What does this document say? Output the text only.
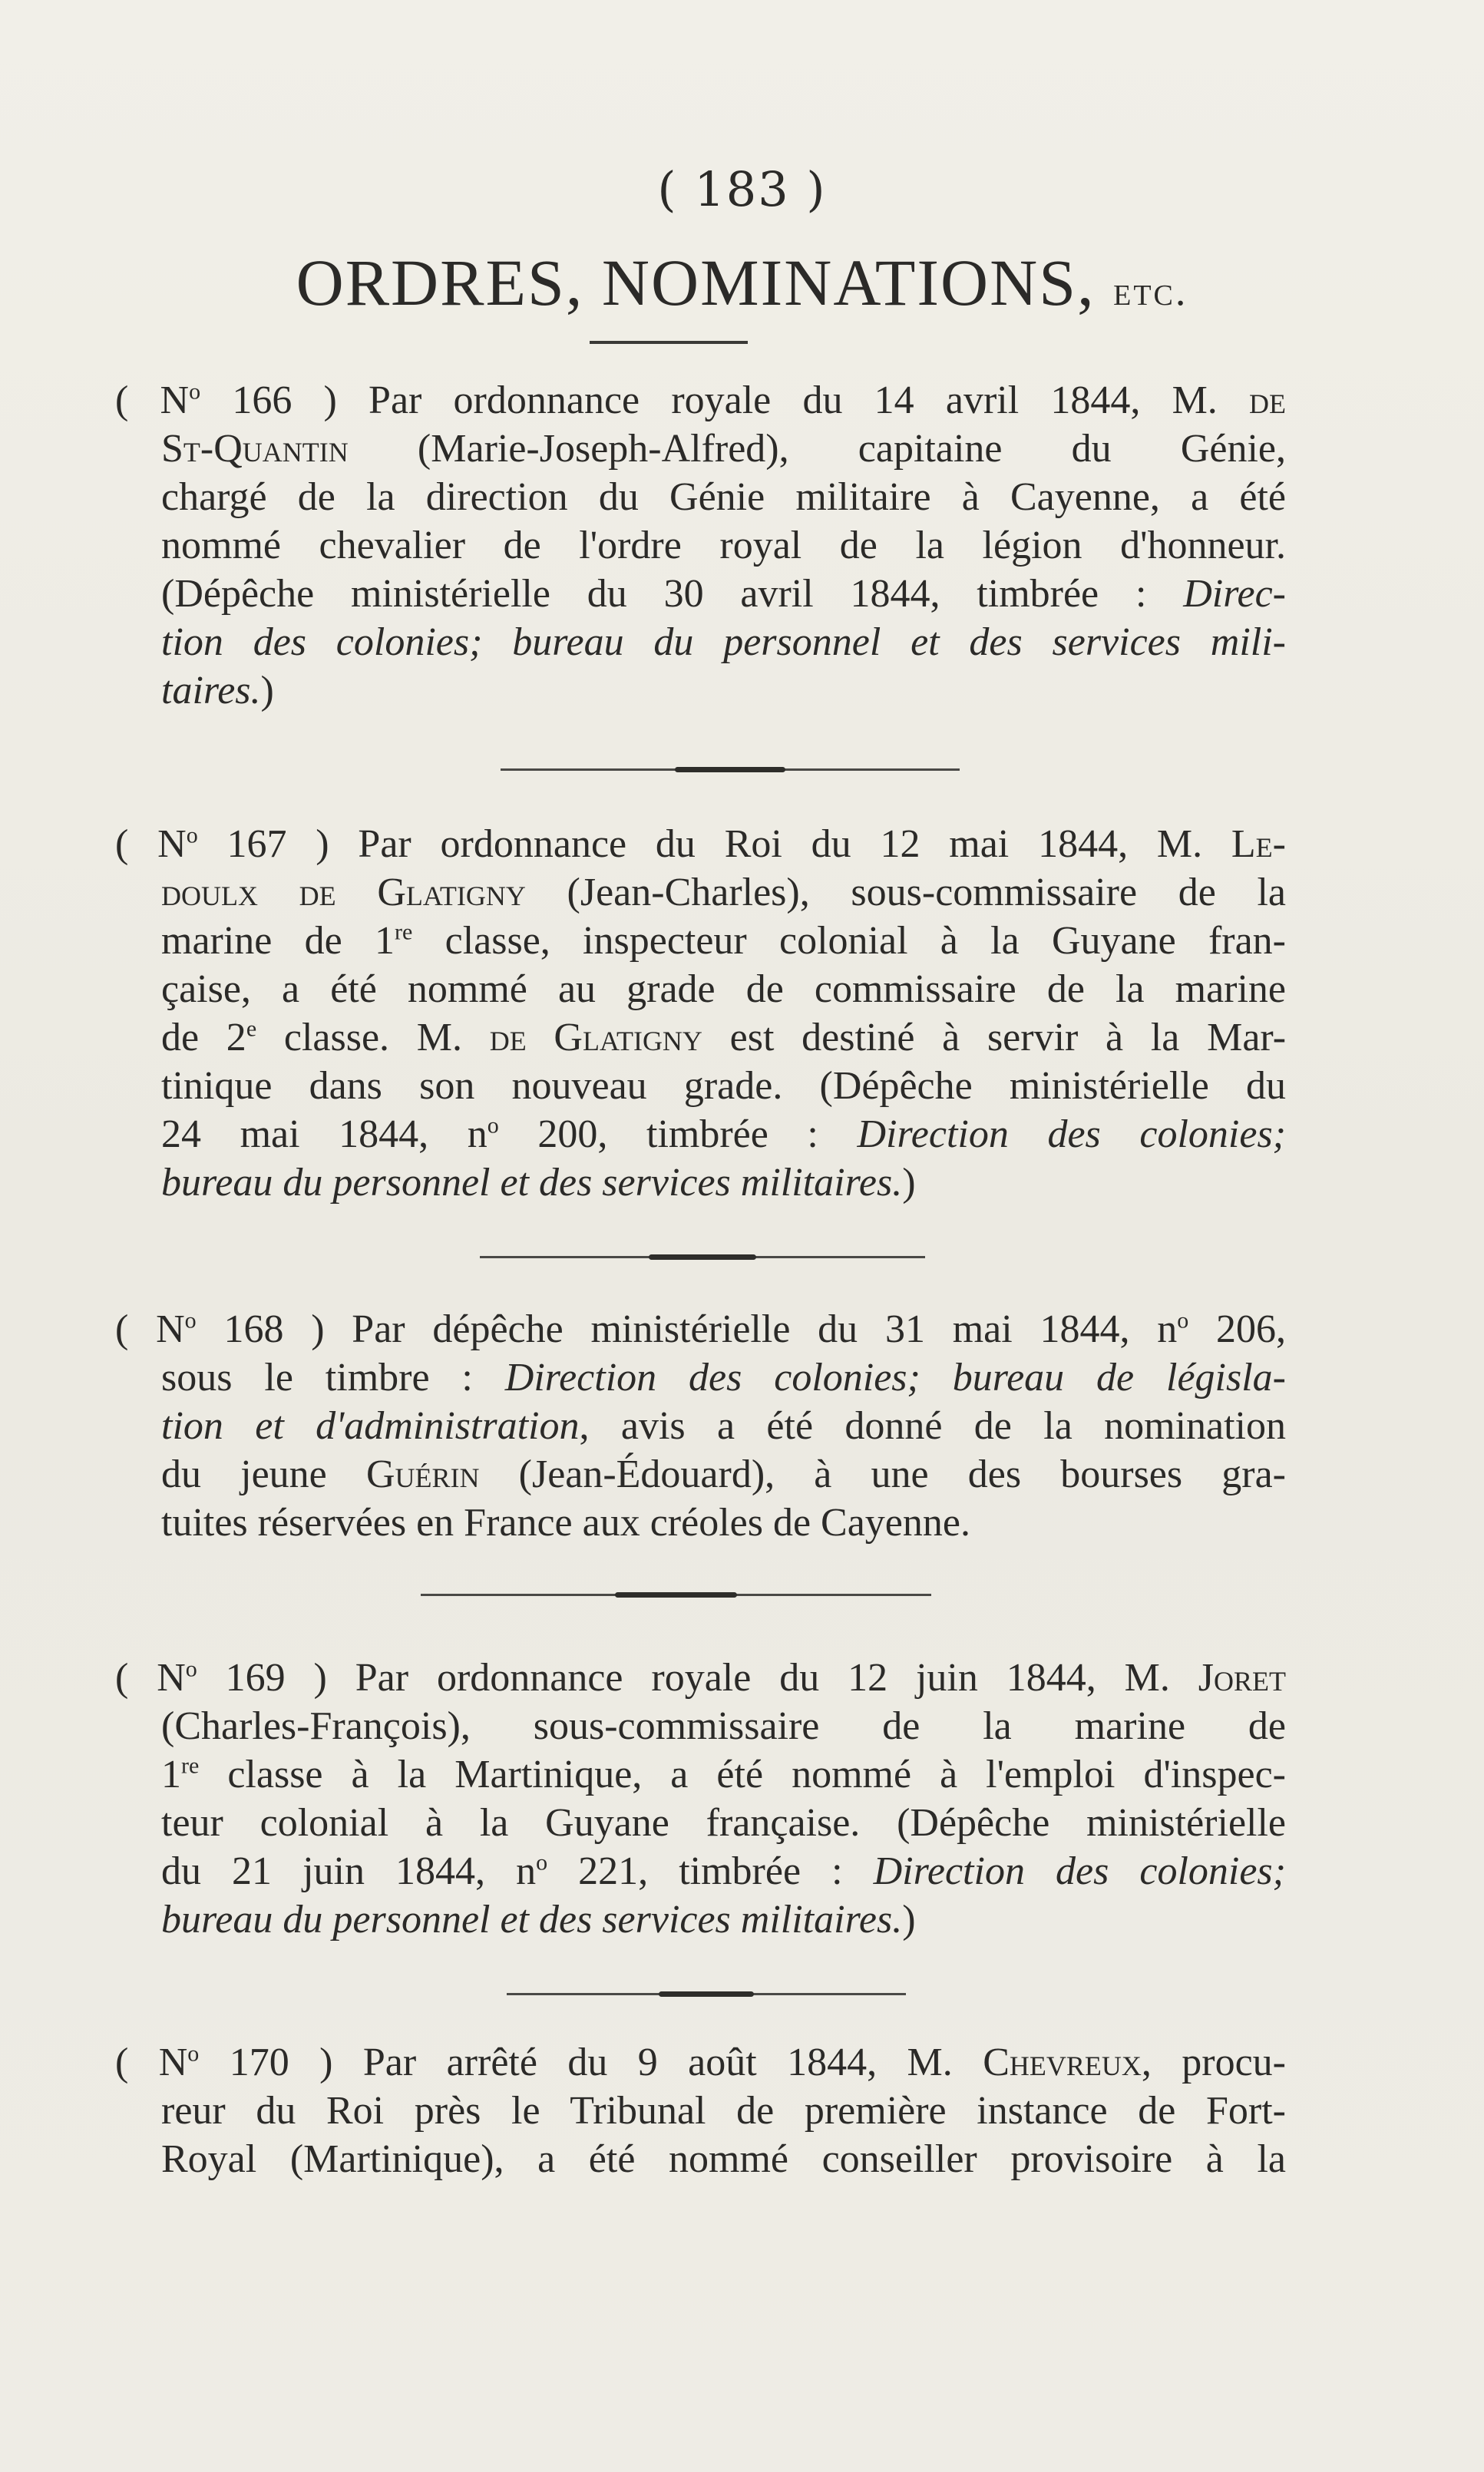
( 183 )
ORDRES, NOMINATIONS, etc.
( $N^o$ 166 ) Par ordonnance royale du 14 avril 1844, M. de
St-Quantin (Marie-Joseph-Alfred), capitaine du Génie,
chargé de la direction du Génie militaire à Cayenne, a été
nommé chevalier de l'ordre royal de la légion d'honneur.
(Dépêche ministérielle du 30 avril 1844, timbrée : Direc-
tion des colonies; bureau du personnel et des services mili-
taires.)
( $N^o$ 167 ) Par ordonnance du Roi du 12 mai 1844, M. Le-
doulx de Glatigny (Jean-Charles), sous-commissaire de la
marine de 1re classe, inspecteur colonial à la Guyane fran-
çaise, a été nommé au grade de commissaire de la marine
de 2e classe. M. de Glatigny est destiné à servir à la Mar-
tinique dans son nouveau grade. (Dépêche ministérielle du
24 mai 1844, $n^o$ 200, timbrée : Direction des colonies;
bureau du personnel et des services militaires.)
( $N^o$ 168 ) Par dépêche ministérielle du 31 mai 1844, $n^o$ 206,
sous le timbre : Direction des colonies; bureau de législa-
tion et d'administration, avis a été donné de la nomination
du jeune Guérin (Jean-Édouard), à une des bourses gra-
tuites réservées en France aux créoles de Cayenne.
( $N^o$ 169 ) Par ordonnance royale du 12 juin 1844, M. Joret
(Charles-François), sous-commissaire de la marine de
1re classe à la Martinique, a été nommé à l'emploi d'inspec-
teur colonial à la Guyane française. (Dépêche ministérielle
du 21 juin 1844, $n^o$ 221, timbrée : Direction des colonies;
bureau du personnel et des services militaires.)
( $N^o$ 170 ) Par arrêté du 9 août 1844, M. Chevreux, procu-
reur du Roi près le Tribunal de première instance de Fort-
Royal (Martinique), a été nommé conseiller provisoire à la
